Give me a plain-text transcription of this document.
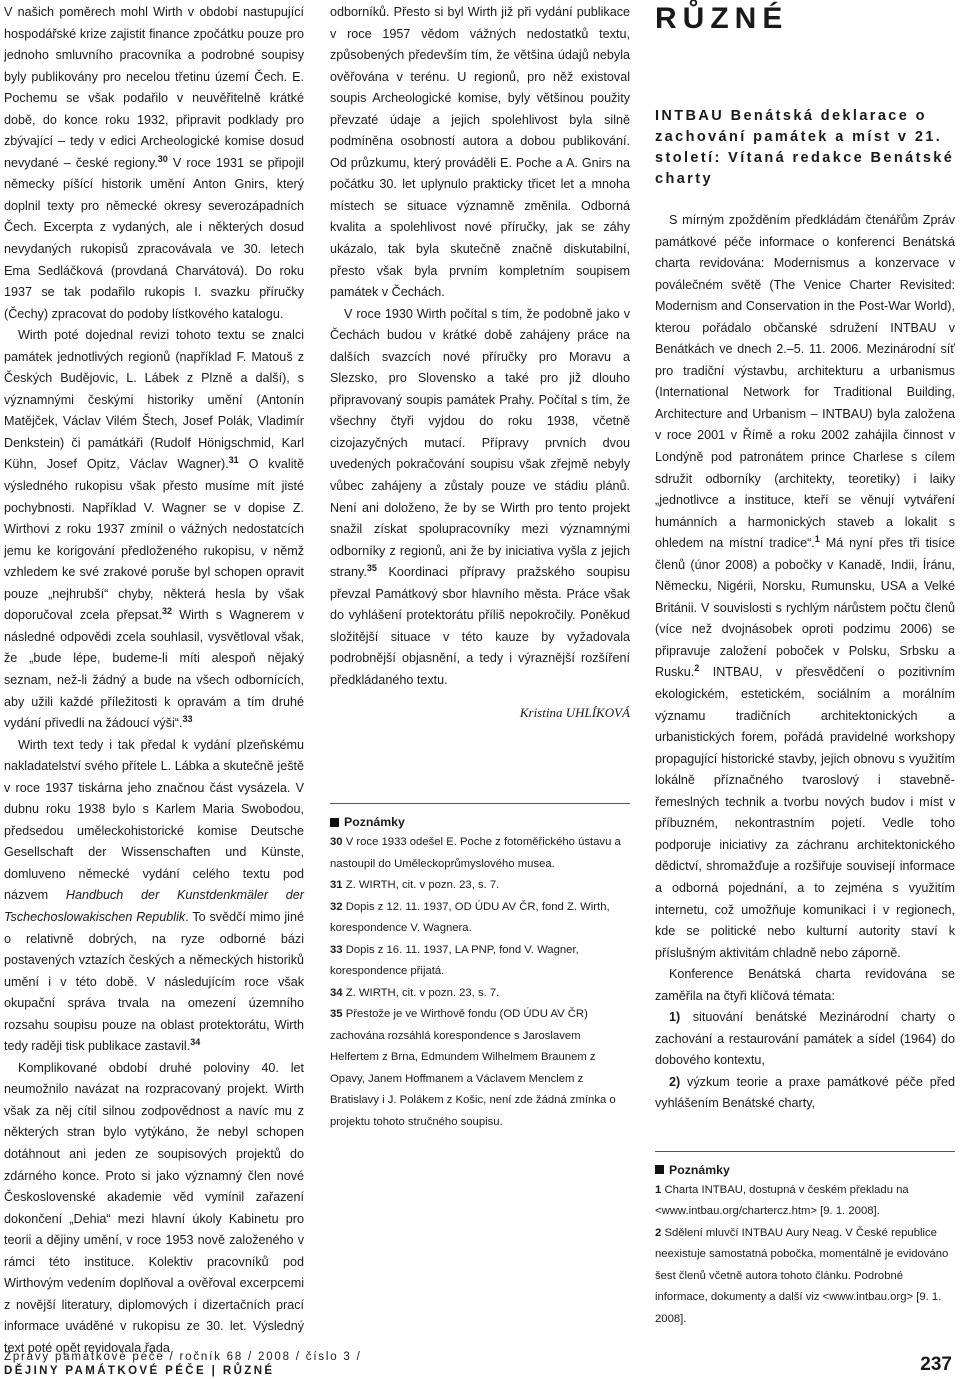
V našich poměrech mohl Wirth v období nastupující hospodářské krize zajistit finance zpočátku pouze pro jednoho smluvního pracovníka a podrobné soupisy byly publikovány pro necelou třetinu území Čech. E. Pochemu se však podařilo v neuvěřitelně krátké době, do konce roku 1932, připravit podklady pro zbývající – tedy v edici Archeologické komise dosud nevydané – české regiony.$^{30}$ V roce 1931 se připojil německy píšící historik umění Anton Gnirs, který doplnil texty pro německé okresy severozápadních Čech. Excerpta z vydaných, ale i některých dosud nevydaných rukopisů zpracovávala ve 30. letech Ema Sedláčková (provdaná Charvátová). Do roku 1937 se tak podařilo rukopis I. svazku příručky (Čechy) zpracovat do podoby lístkového katalogu.

Wirth poté dojednal revizi tohoto textu se znalci památek jednotlivých regionů (například F. Matouš z Českých Budějovic, L. Lábek z Plzně a další), s významnými českými historiky umění (Antonín Matějček, Václav Vilém Štech, Josef Polák, Vladimír Denkstein) či památkáři (Rudolf Hönigschmid, Karl Kühn, Josef Opitz, Václav Wagner).$^{31}$ O kvalitě výsledného rukopisu však přesto musíme mít jisté pochybnosti. Například V. Wagner se v dopise Z. Wirthovi z roku 1937 zmínil o vážných nedostatcích jemu ke korigování předloženého rukopisu, v němž vzhledem ke své zrakové poruše byl schopen opravit pouze „nejhrubší“ chyby, některá hesla by však doporučoval zcela přepsat.$^{32}$ Wirth s Wagnerem v následné odpovědi zcela souhlasil, vysvětloval však, že „bude lépe, budeme-li míti alespoň nějaký seznam, než-li žádný a bude na všech odbornících, aby užili každé příležitosti k opravám a tím druhé vydání přivedli na žádoucí výši“.$^{33}$

Wirth text tedy i tak předal k vydání plzeňskému nakladatelství svého přítele L. Lábka a skutečně ještě v roce 1937 tiskárna jeho značnou část vysázela. V dubnu roku 1938 bylo s Karlem Maria Swobodou, předsedou uměleckohistorické komise Deutsche Gesellschaft der Wissenschaften und Künste, domluveno německé vydání celého textu pod názvem Handbuch der Kunstdenkmäler der Tschechoslowakischen Republik. To svědčí mimo jiné o relativně dobrých, na ryze odborné bázi postavených vztazích českých a německých historiků umění i v této době. V následujícím roce však okupační správa trvala na omezení územního rozsahu soupisu pouze na oblast protektorátu, Wirth tedy raději tisk publikace zastavil.$^{34}$

Komplikované období druhé poloviny 40. let neumožnilo navázat na rozpracovaný projekt. Wirth však za něj cítil silnou zodpovědnost a navíc mu z některých stran bylo vytýkáno, že nebyl schopen dotáhnout ani jeden ze soupisových projektů do zdárného konce. Proto si jako významný člen nové Československé akademie věd vymínil zařazení dokončení „Dehia“ mezi hlavní úkoly Kabinetu pro teorii a dějiny umění, v roce 1953 nově založeného v rámci této instituce. Kolektiv pracovníků pod Wirthovým vedením doplňoval a ověřoval excerpcemi z novější literatury, diplomových i dizertačních prací informace uváděné v rukopisu ze 30. let. Výsledný text poté opět revidovala řada

odborníků. Přesto si byl Wirth již při vydání publikace v roce 1957 vědom vážných nedostatků textu, způsobených především tím, že většina údajů nebyla ověřována v terénu. U regionů, pro něž existoval soupis Archeologické komise, byly většinou použity převzaté údaje a jejich spolehlivost byla silně podmíněna osobností autora a dobou publikování. Od průzkumu, který prováděli E. Poche a A. Gnirs na počátku 30. let uplynulo prakticky třicet let a mnoha místech se situace významně změnila. Odborná kvalita a spolehlivost nové příručky, jak se záhy ukázalo, tak byla skutečně značně diskutabilní, přesto však byla prvním kompletním soupisem památek v Čechách.

V roce 1930 Wirth počítal s tím, že podobně jako v Čechách budou v krátké době zahájeny práce na dalších svazcích nové příručky pro Moravu a Slezsko, pro Slovensko a také pro již dlouho připravovaný soupis památek Prahy. Počítal s tím, že všechny čtyři vyjdou do roku 1938, včetně cizojazyčných mutací. Přípravy prvních dvou uvedených pokračování soupisu však zřejmě nebyly vůbec zahájeny a zůstaly pouze ve stádiu plánů. Není ani doloženo, že by se Wirth pro tento projekt snažil získat spolupracovníky mezi významnými odborníky z regionů, ani že by iniciativa vyšla z jejich strany.$^{35}$ Koordinaci přípravy pražského soupisu převzal Památkový sbor hlavního města. Práce však do vyhlášení protektorátu příliš nepokročily. Poněkud složitější situace v této kauze by vyžadovala podrobnější objasnění, a tedy i výraznější rozšíření předkládaného textu.

Kristina UHLÍKOVÁ
Poznámky

30 V roce 1933 odešel E. Poche z fotoměřického ústavu a nastoupil do Uměleckoprůmyslového musea.

31 Z. WIRTH, cit. v pozn. 23, s. 7.

32 Dopis z 12. 11. 1937, OD ÚDU AV ČR, fond Z. Wirth, korespondence V. Wagnera.

33 Dopis z 16. 11. 1937, LA PNP, fond V. Wagner, korespondence přijatá.

34 Z. WIRTH, cit. v pozn. 23, s. 7.

35 Přestože je ve Wirthově fondu (OD ÚDU AV ČR) zachována rozsáhlá korespondence s Jaroslavem Helfertem z Brna, Edmundem Wilhelmem Braunem z Opavy, Janem Hoffmanem a Václavem Menclem z Bratislavy i J. Polákem z Košic, není zde žádná zmínka o projektu tohoto stručného soupisu.

RŮZNÉ
INTBAU Benátská deklarace o zachování památek a míst v 21. století: Vítaná redakce Benátské charty

S mírným zpožděním předkládám čtenářům Zpráv památkové péče informace o konferenci Benátská charta revidována: Modernismus a konzervace v poválečném světě (The Venice Charter Revisited: Modernism and Conservation in the Post-War World), kterou pořádalo občanské sdružení INTBAU v Benátkách ve dnech 2.–5. 11. 2006. Mezinárodní síť pro tradiční výstavbu, architekturu a urbanismus (International Network for Traditional Building, Architecture and Urbanism – INTBAU) byla založena v roce 2001 v Římě a roku 2002 zahájila činnost v Londýně pod patronátem prince Charlese s cílem sdružit odborníky (architekty, teoretiky) i laiky „jednotlivce a instituce, kteří se věnují vytváření humánních a harmonických staveb a lokalit s ohledem na místní tradice“.$^1$ Má nyní přes tři tisíce členů (únor 2008) a pobočky v Kanadě, Indii, Íránu, Německu, Nigérii, Norsku, Rumunsku, USA a Velké Británii. V souvislosti s rychlým nárůstem počtu členů (více než dvojnásobek oproti podzimu 2006) se připravuje založení poboček v Polsku, Srbsku a Rusku.$^2$ INTBAU, v přesvědčení o pozitivním ekologickém, estetickém, sociálním a morálním významu tradičních architektonických a urbanistických forem, pořádá pravidelné workshopy propagující historické stavby, jejich obnovu s využitím lokálně příznačného tvaroslový i stavebně-řemeslných technik a tvorbu nových budov i míst v příbuzném, nekontrastním pojetí. Vedle toho podporuje iniciativy za záchranu architektonického dědictví, shromažďuje a rozšiřuje souvisejí informace a odborná pojednání, a to zejména s využitím internetu, což umožňuje komunikaci i v regionech, kde se politické nebo kulturní autority staví k příslušným aktivitám chladně nebo záporně.

Konference Benátská charta revidována se zaměřila na čtyři klíčová témata:

1) situování benátské Mezinárodní charty o zachování a restaurování památek a sídel (1964) do dobového kontextu,

2) výzkum teorie a praxe památkové péče před vyhlášením Benátské charty,

Poznámky

1 Charta INTBAU, dostupná v českém překladu na <www.intbau.org/chartercz.htm> [9. 1. 2008].

2 Sdělení mluvčí INTBAU Aury Neag. V České republice neexistuje samostatná pobočka, momentálně je evidováno šest členů včetně autora tohoto článku. Podrobné informace, dokumenty a další viz <www.intbau.org> [9. 1. 2008].

Zprávy památkové péče / ročník 68 / 2008 / číslo 3 /
DĚJINY PAMÁTKOVÉ PÉČE | RŮZNÉ	237
